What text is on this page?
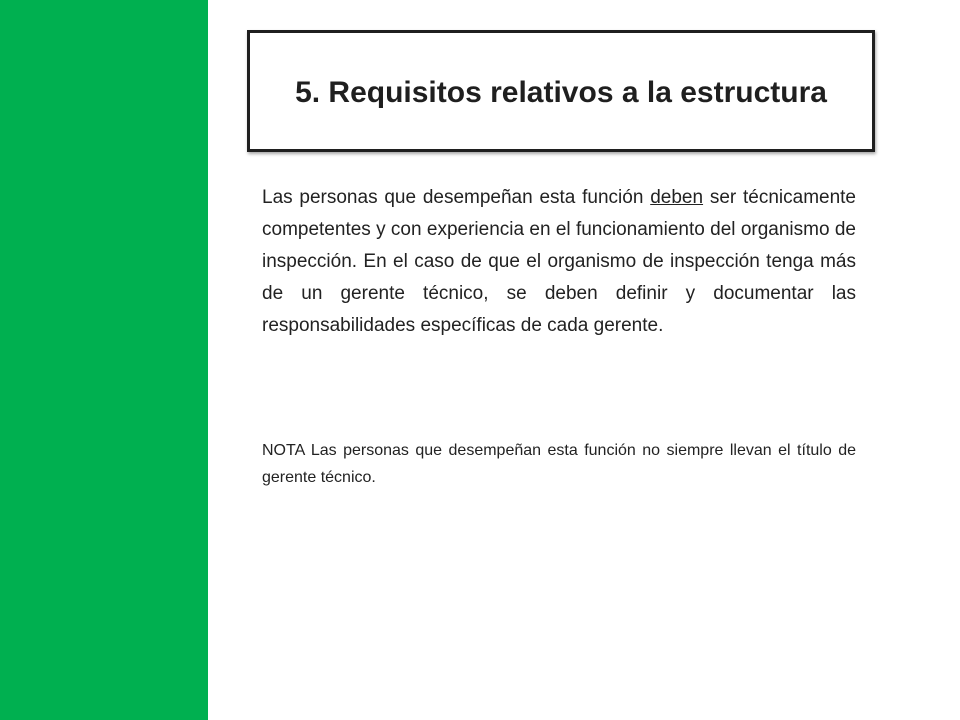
5. Requisitos relativos a la estructura

Las personas que desempeñan esta función deben ser técnicamente competentes y con experiencia en el funcionamiento del organismo de inspección. En el caso de que el organismo de inspección tenga más de un gerente técnico, se deben definir y documentar las responsabilidades específicas de cada gerente.

NOTA Las personas que desempeñan esta función no siempre llevan el título de gerente técnico.
